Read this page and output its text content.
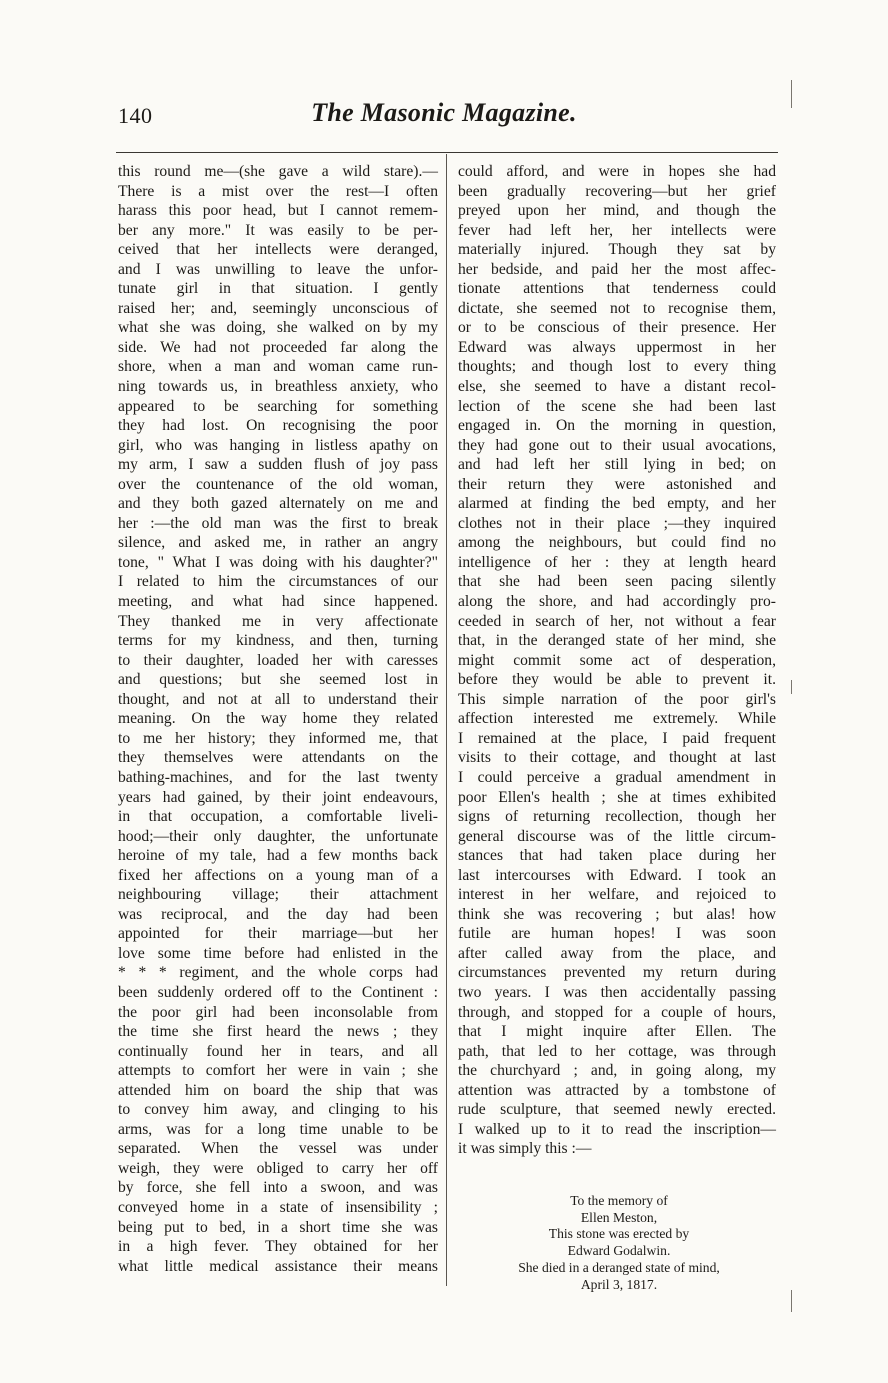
140	The Masonic Magazine.
this round me—(she gave a wild stare).—
There is a mist over the rest—I often
harass this poor head, but I cannot remem-
ber any more." It was easily to be per-
ceived that her intellects were deranged,
and I was unwilling to leave the unfor-
tunate girl in that situation. I gently
raised her; and, seemingly unconscious of
what she was doing, she walked on by my
side. We had not proceeded far along the
shore, when a man and woman came run-
ning towards us, in breathless anxiety, who
appeared to be searching for something
they had lost. On recognising the poor
girl, who was hanging in listless apathy on
my arm, I saw a sudden flush of joy pass
over the countenance of the old woman,
and they both gazed alternately on me and
her :—the old man was the first to break
silence, and asked me, in rather an angry
tone, " What I was doing with his daughter?"
I related to him the circumstances of our
meeting, and what had since happened.
They thanked me in very affectionate
terms for my kindness, and then, turning
to their daughter, loaded her with caresses
and questions; but she seemed lost in
thought, and not at all to understand their
meaning. On the way home they related
to me her history; they informed me, that
they themselves were attendants on the
bathing-machines, and for the last twenty
years had gained, by their joint endeavours,
in that occupation, a comfortable liveli-
hood;—their only daughter, the unfortunate
heroine of my tale, had a few months back
fixed her affections on a young man of a
neighbouring village; their attachment
was reciprocal, and the day had been
appointed for their marriage—but her
love some time before had enlisted in the
* * * regiment, and the whole corps had
been suddenly ordered off to the Continent :
the poor girl had been inconsolable from
the time she first heard the news ; they
continually found her in tears, and all
attempts to comfort her were in vain ; she
attended him on board the ship that was
to convey him away, and clinging to his
arms, was for a long time unable to be
separated. When the vessel was under
weigh, they were obliged to carry her off
by force, she fell into a swoon, and was
conveyed home in a state of insensibility ;
being put to bed, in a short time she was
in a high fever. They obtained for her
what little medical assistance their means
could afford, and were in hopes she had
been gradually recovering—but her grief
preyed upon her mind, and though the
fever had left her, her intellects were
materially injured. Though they sat by
her bedside, and paid her the most affec-
tionate attentions that tenderness could
dictate, she seemed not to recognise them,
or to be conscious of their presence. Her
Edward was always uppermost in her
thoughts; and though lost to every thing
else, she seemed to have a distant recol-
lection of the scene she had been last
engaged in. On the morning in question,
they had gone out to their usual avocations,
and had left her still lying in bed; on
their return they were astonished and
alarmed at finding the bed empty, and her
clothes not in their place ;—they inquired
among the neighbours, but could find no
intelligence of her : they at length heard
that she had been seen pacing silently
along the shore, and had accordingly pro-
ceeded in search of her, not without a fear
that, in the deranged state of her mind, she
might commit some act of desperation,
before they would be able to prevent it.
This simple narration of the poor girl's
affection interested me extremely. While
I remained at the place, I paid frequent
visits to their cottage, and thought at last
I could perceive a gradual amendment in
poor Ellen's health ; she at times exhibited
signs of returning recollection, though her
general discourse was of the little circum-
stances that had taken place during her
last intercourses with Edward. I took an
interest in her welfare, and rejoiced to
think she was recovering ; but alas! how
futile are human hopes! I was soon
after called away from the place, and
circumstances prevented my return during
two years. I was then accidentally passing
through, and stopped for a couple of hours,
that I might inquire after Ellen. The
path, that led to her cottage, was through
the churchyard ; and, in going along, my
attention was attracted by a tombstone of
rude sculpture, that seemed newly erected.
I walked up to it to read the inscription—
it was simply this :—
To the memory of
Ellen Meston,
This stone was erected by
Edward Godalwin.
She died in a deranged state of mind,
April 3, 1817.
